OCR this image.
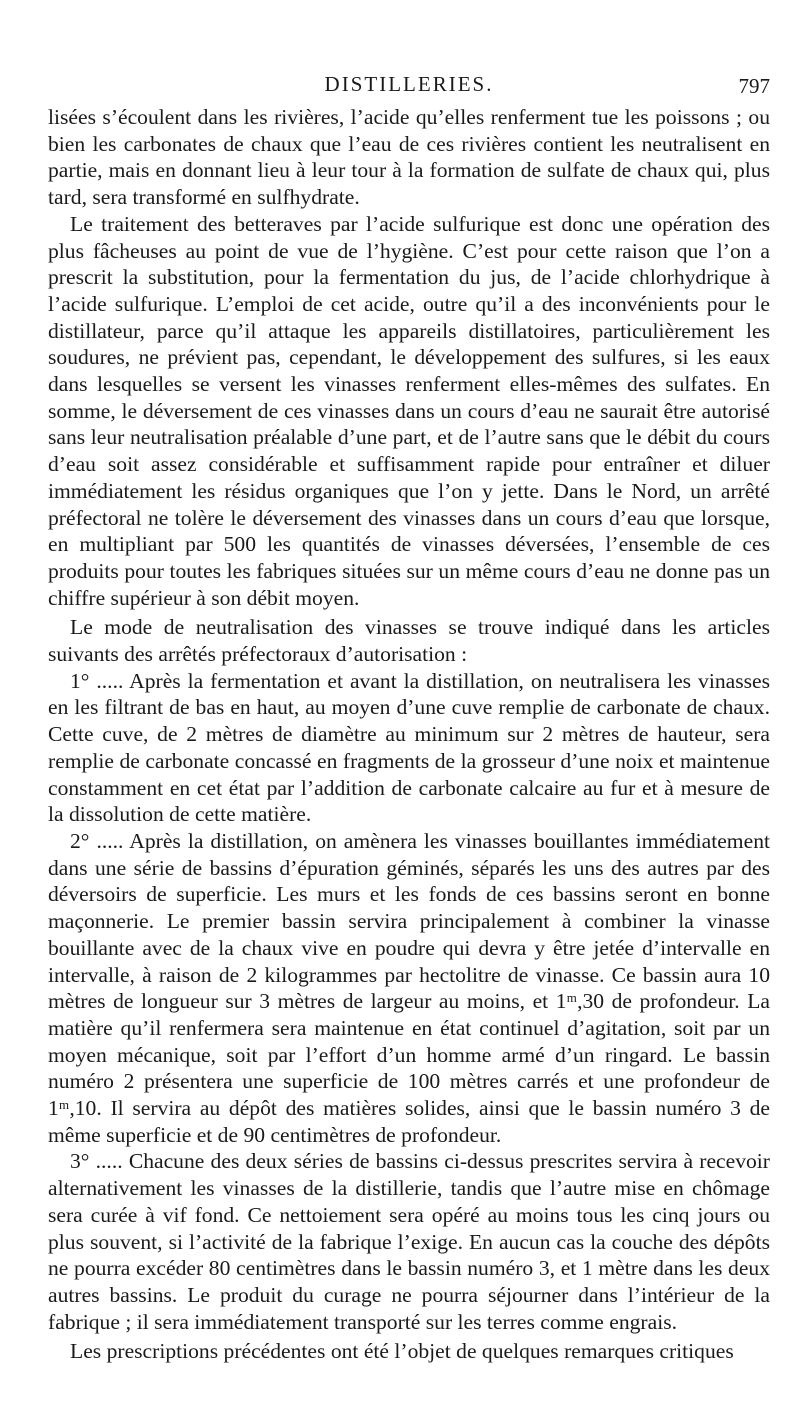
DISTILLERIES.	797

lisées s’écoulent dans les rivières, l’acide qu’elles renferment tue les poissons ; ou bien les carbonates de chaux que l’eau de ces rivières contient les neutralisent en partie, mais en donnant lieu à leur tour à la formation de sulfate de chaux qui, plus tard, sera transformé en sulfhydrate.

Le traitement des betteraves par l’acide sulfurique est donc une opération des plus fâcheuses au point de vue de l’hygiène. C’est pour cette raison que l’on a prescrit la substitution, pour la fermentation du jus, de l’acide chlorhydrique à l’acide sulfurique. L’emploi de cet acide, outre qu’il a des inconvénients pour le distillateur, parce qu’il attaque les appareils distillatoires, particulièrement les soudures, ne prévient pas, cependant, le développement des sulfures, si les eaux dans lesquelles se versent les vinasses renferment elles-mêmes des sulfates. En somme, le déversement de ces vinasses dans un cours d’eau ne saurait être autorisé sans leur neutralisation préalable d’une part, et de l’autre sans que le débit du cours d’eau soit assez considérable et suffisamment rapide pour entraîner et diluer immédiatement les résidus organiques que l’on y jette. Dans le Nord, un arrêté préfectoral ne tolère le déversement des vinasses dans un cours d’eau que lorsque, en multipliant par 500 les quantités de vinasses déversées, l’ensemble de ces produits pour toutes les fabriques situées sur un même cours d’eau ne donne pas un chiffre supérieur à son débit moyen.

Le mode de neutralisation des vinasses se trouve indiqué dans les articles suivants des arrêtés préfectoraux d’autorisation :

1° ..... Après la fermentation et avant la distillation, on neutralisera les vinasses en les filtrant de bas en haut, au moyen d’une cuve remplie de carbonate de chaux. Cette cuve, de 2 mètres de diamètre au minimum sur 2 mètres de hauteur, sera remplie de carbonate concassé en fragments de la grosseur d’une noix et maintenue constamment en cet état par l’addition de carbonate calcaire au fur et à mesure de la dissolution de cette matière.

2° ..... Après la distillation, on amènera les vinasses bouillantes immédiatement dans une série de bassins d’épuration géminés, séparés les uns des autres par des déversoirs de superficie. Les murs et les fonds de ces bassins seront en bonne maçonnerie. Le premier bassin servira principalement à combiner la vinasse bouillante avec de la chaux vive en poudre qui devra y être jetée d’intervalle en intervalle, à raison de 2 kilogrammes par hectolitre de vinasse. Ce bassin aura 10 mètres de longueur sur 3 mètres de largeur au moins, et 1ᵐ,30 de profondeur. La matière qu’il renfermera sera maintenue en état continuel d’agitation, soit par un moyen mécanique, soit par l’effort d’un homme armé d’un ringard. Le bassin numéro 2 présentera une superficie de 100 mètres carrés et une profondeur de 1ᵐ,10. Il servira au dépôt des matières solides, ainsi que le bassin numéro 3 de même superficie et de 90 centimètres de profondeur.

3° ..... Chacune des deux séries de bassins ci-dessus prescrites servira à recevoir alternativement les vinasses de la distillerie, tandis que l’autre mise en chômage sera curée à vif fond. Ce nettoiement sera opéré au moins tous les cinq jours ou plus souvent, si l’activité de la fabrique l’exige. En aucun cas la couche des dépôts ne pourra excéder 80 centimètres dans le bassin numéro 3, et 1 mètre dans les deux autres bassins. Le produit du curage ne pourra séjourner dans l’intérieur de la fabrique ; il sera immédiatement transporté sur les terres comme engrais.

Les prescriptions précédentes ont été l’objet de quelques remarques critiques
